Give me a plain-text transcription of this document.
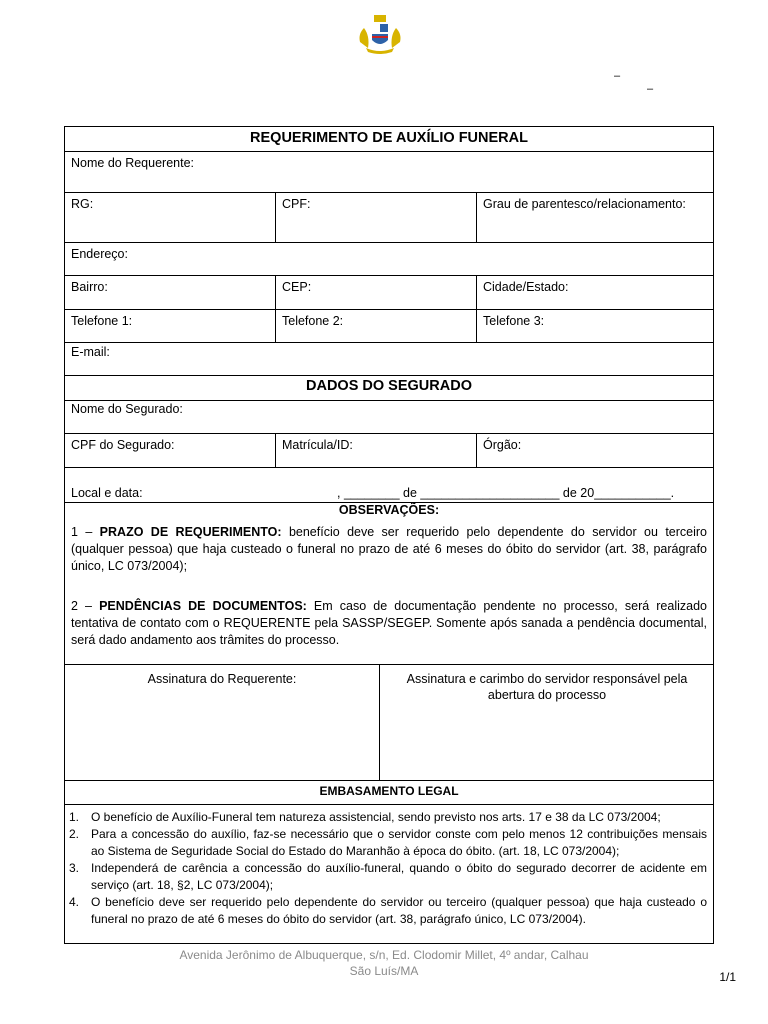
–
–
REQUERIMENTO DE AUXÍLIO FUNERAL
Nome do Requerente:
RG:	CPF:	Grau de parentesco/relacionamento:
Endereço:
Bairro:	CEP:	Cidade/Estado:
Telefone 1:	Telefone 2:	Telefone 3:
E-mail:
DADOS DO SEGURADO
Nome do Segurado:
CPF do Segurado:	Matrícula/ID:	Órgão:
Local e data:	, ________ de ____________________ de 20___________.
OBSERVAÇÕES:
1 – PRAZO DE REQUERIMENTO: benefício deve ser requerido pelo dependente do servidor ou terceiro (qualquer pessoa) que haja custeado o funeral no prazo de até 6 meses do óbito do servidor (art. 38, parágrafo único, LC 073/2004);
2 – PENDÊNCIAS DE DOCUMENTOS: Em caso de documentação pendente no processo, será realizado tentativa de contato com o REQUERENTE pela SASSP/SEGEP. Somente após sanada a pendência documental, será dado andamento aos trâmites do processo.
Assinatura do Requerente:	Assinatura e carimbo do servidor responsável pela abertura do processo
EMBASAMENTO LEGAL
1. O benefício de Auxílio-Funeral tem natureza assistencial, sendo previsto nos arts. 17 e 38 da LC 073/2004;
2. Para a concessão do auxílio, faz-se necessário que o servidor conste com pelo menos 12 contribuições mensais ao Sistema de Seguridade Social do Estado do Maranhão à época do óbito. (art. 18, LC 073/2004);
3. Independerá de carência a concessão do auxílio-funeral, quando o óbito do segurado decorrer de acidente em serviço (art. 18, §2, LC 073/2004);
4. O benefício deve ser requerido pelo dependente do servidor ou terceiro (qualquer pessoa) que haja custeado o funeral no prazo de até 6 meses do óbito do servidor (art. 38, parágrafo único, LC 073/2004).
Avenida Jerônimo de Albuquerque, s/n, Ed. Clodomir Millet, 4º andar, Calhau
São Luís/MA	1/1
